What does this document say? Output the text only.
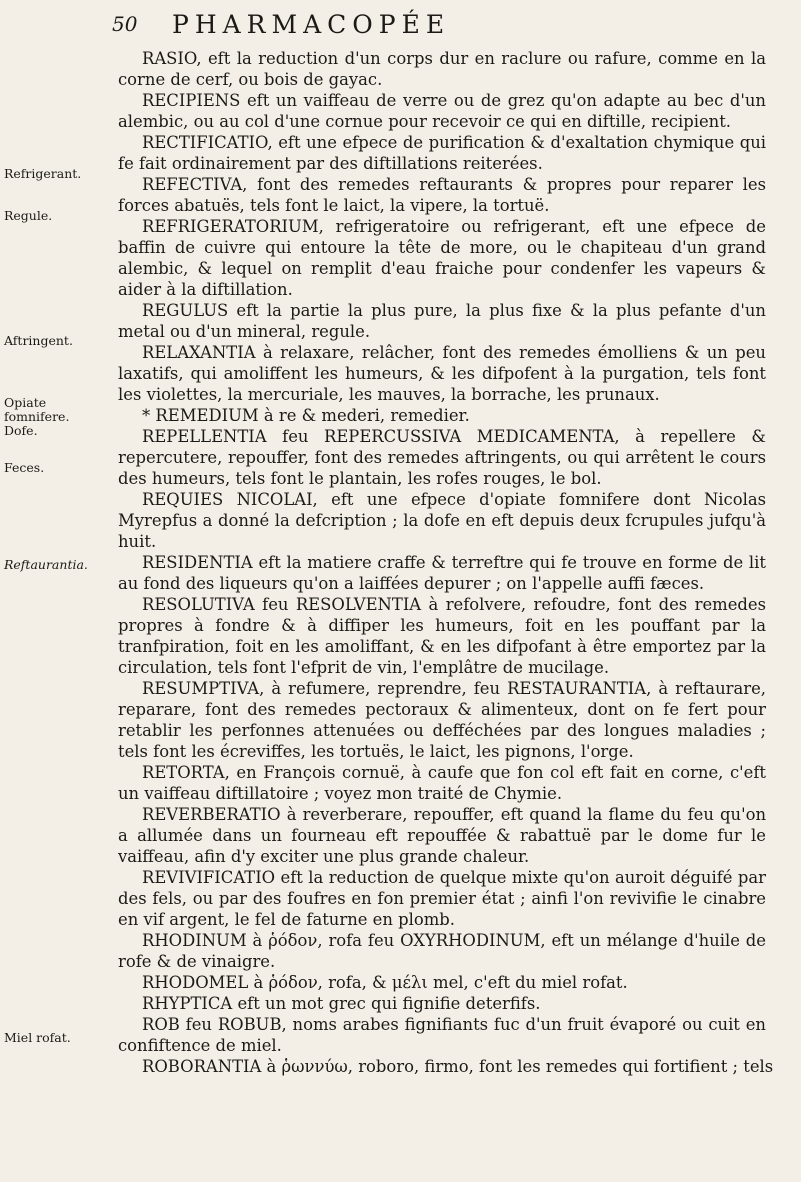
50 PHARMACOPÉE
Refrigerant.
Regule.
Aftringent.
Opiate fomnifere. Dofe.
Feces.
Reftaurantia.
Miel rofat.

RASIO, eft la reduction d'un corps dur en raclure ou rafure, comme en la corne de cerf, ou bois de gayac.

RECIPIENS eft un vaiffeau de verre ou de grez qu'on adapte au bec d'un alembic, ou au col d'une cornue pour recevoir ce qui en diftille, recipient.

RECTIFICATIO, eft une efpece de purification & d'exaltation chymique qui fe fait ordinairement par des diftillations reiterées.

REFECTIVA, font des remedes reftaurants & propres pour reparer les forces abatuës, tels font le laict, la vipere, la tortuë.

REFRIGERATORIUM, refrigeratoire ou refrigerant, eft une efpece de baffin de cuivre qui entoure la tête de more, ou le chapiteau d'un grand alembic, & lequel on remplit d'eau fraiche pour condenfer les vapeurs & aider à la diftillation.

REGULUS eft la partie la plus pure, la plus fixe & la plus pefante d'un metal ou d'un mineral, regule.

RELAXANTIA à relaxare, relâcher, font des remedes émolliens & un peu laxatifs, qui amoliffent les humeurs, & les difpofent à la purgation, tels font les violettes, la mercuriale, les mauves, la borrache, les prunaux.

* REMEDIUM à re & mederi, remedier.

REPELLENTIA feu REPERCUSSIVA MEDICAMENTA, à repellere & repercutere, repouffer, font des remedes aftringents, ou qui arrêtent le cours des humeurs, tels font le plantain, les rofes rouges, le bol.

REQUIES NICOLAI, eft une efpece d'opiate fomnifere dont Nicolas Myrepfus a donné la defcription ; la dofe en eft depuis deux fcrupules jufqu'à huit.

RESIDENTIA eft la matiere craffe & terreftre qui fe trouve en forme de lit au fond des liqueurs qu'on a laiffées depurer ; on l'appelle auffi fæces.

RESOLUTIVA feu RESOLVENTIA à refolvere, refoudre, font des remedes propres à fondre & à diffiper les humeurs, foit en les pouffant par la tranfpiration, foit en les amoliffant, & en les difpofant à être emportez par la circulation, tels font l'efprit de vin, l'emplâtre de mucilage.

RESUMPTIVA, à refumere, reprendre, feu RESTAURANTIA, à reftaurare, reparare, font des remedes pectoraux & alimenteux, dont on fe fert pour retablir les perfonnes attenuées ou defféchées par des longues maladies ; tels font les écreviffes, les tortuës, le laict, les pignons, l'orge.

RETORTA, en François cornuë, à caufe que fon col eft fait en corne, c'eft un vaiffeau diftillatoire ; voyez mon traité de Chymie.

REVERBERATIO à reverberare, repouffer, eft quand la flame du feu qu'on a allumée dans un fourneau eft repouffée & rabattuë par le dome fur le vaiffeau, afin d'y exciter une plus grande chaleur.

REVIVIFICATIO eft la reduction de quelque mixte qu'on auroit déguifé par des fels, ou par des foufres en fon premier état ; ainfi l'on revivifie le cinabre en vif argent, le fel de faturne en plomb.

RHODINUM à ῥόδον, rofa feu OXYRHODINUM, eft un mélange d'huile de rofe & de vinaigre.

RHODOMEL à ῥόδον, rofa, & μέλι mel, c'eft du miel rofat.

RHYPTICA eft un mot grec qui fignifie deterfifs.

ROB feu ROBUB, noms arabes fignifiants fuc d'un fruit évaporé ou cuit en confiftence de miel.

ROBORANTIA à ῥωννύω, roboro, firmo, font les remedes qui fortifient ; tels
